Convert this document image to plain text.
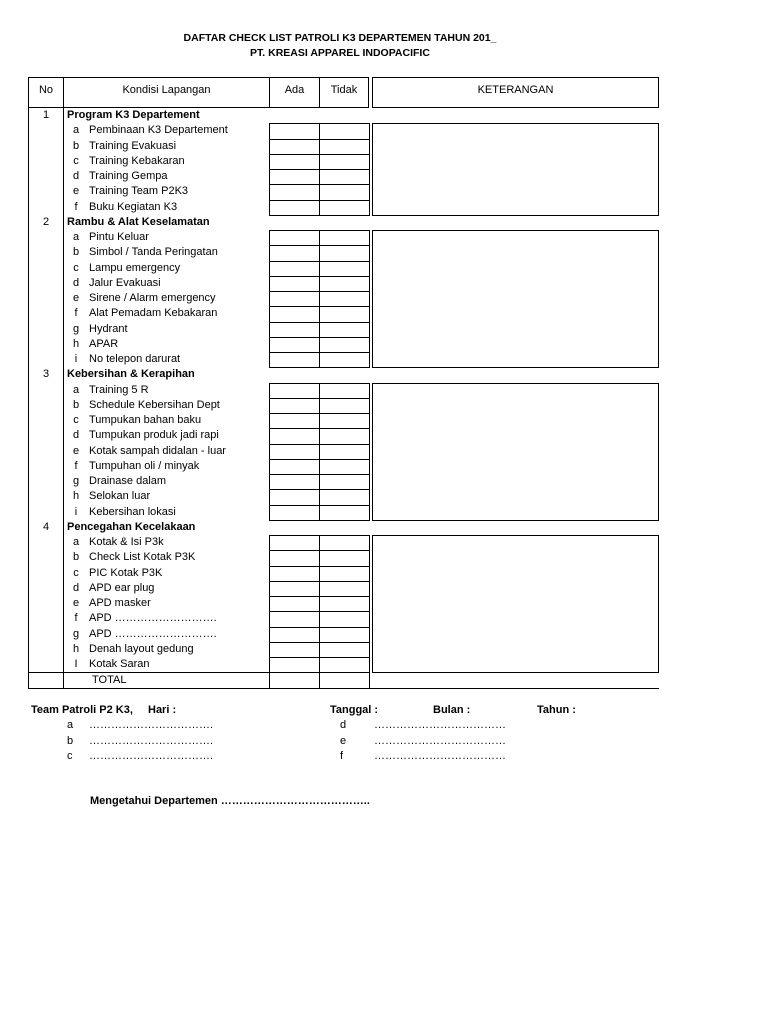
DAFTAR CHECK LIST PATROLI K3 DEPARTEMEN TAHUN 201_
PT. KREASI APPAREL INDOPACIFIC
No	Kondisi Lapangan	Ada	Tidak	KETERANGAN
1	Program K3 Departement
a Pembinaan K3 Departement
b Training Evakuasi
c Training Kebakaran
d Training Gempa
e Training Team P2K3
f	Buku Kegiatan K3
2	Rambu & Alat Keselamatan
a Pintu Keluar
b Simbol / Tanda Peringatan
c Lampu emergency
d Jalur Evakuasi
e Sirene / Alarm emergency
f	Alat Pemadam Kebakaran
g Hydrant
h APAR
i	No telepon darurat
3	Kebersihan & Kerapihan
a Training 5 R
b Schedule Kebersihan Dept
c Tumpukan bahan baku
d Tumpukan produk jadi rapi
e Kotak sampah didalan - luar
f	Tumpuhan oli / minyak
g Drainase dalam
h Selokan luar
i	Kebersihan lokasi
4	Pencegahan Kecelakaan
a Kotak & Isi P3k
b Check List Kotak P3K
c PIC Kotak P3K
d APD ear plug
e APD masker
f	APD ……………………….
g APD ……………………….
h Denah layout gedung
I	Kotak Saran
TOTAL
Team Patroli P2 K3, Hari :	Tanggal :	Bulan :	Tahun :
a …………………………….
b …………………………….
c …………………………….
d	………………………………
e	………………………………
f	………………………………
Mengetahui Departemen …………………………………..
